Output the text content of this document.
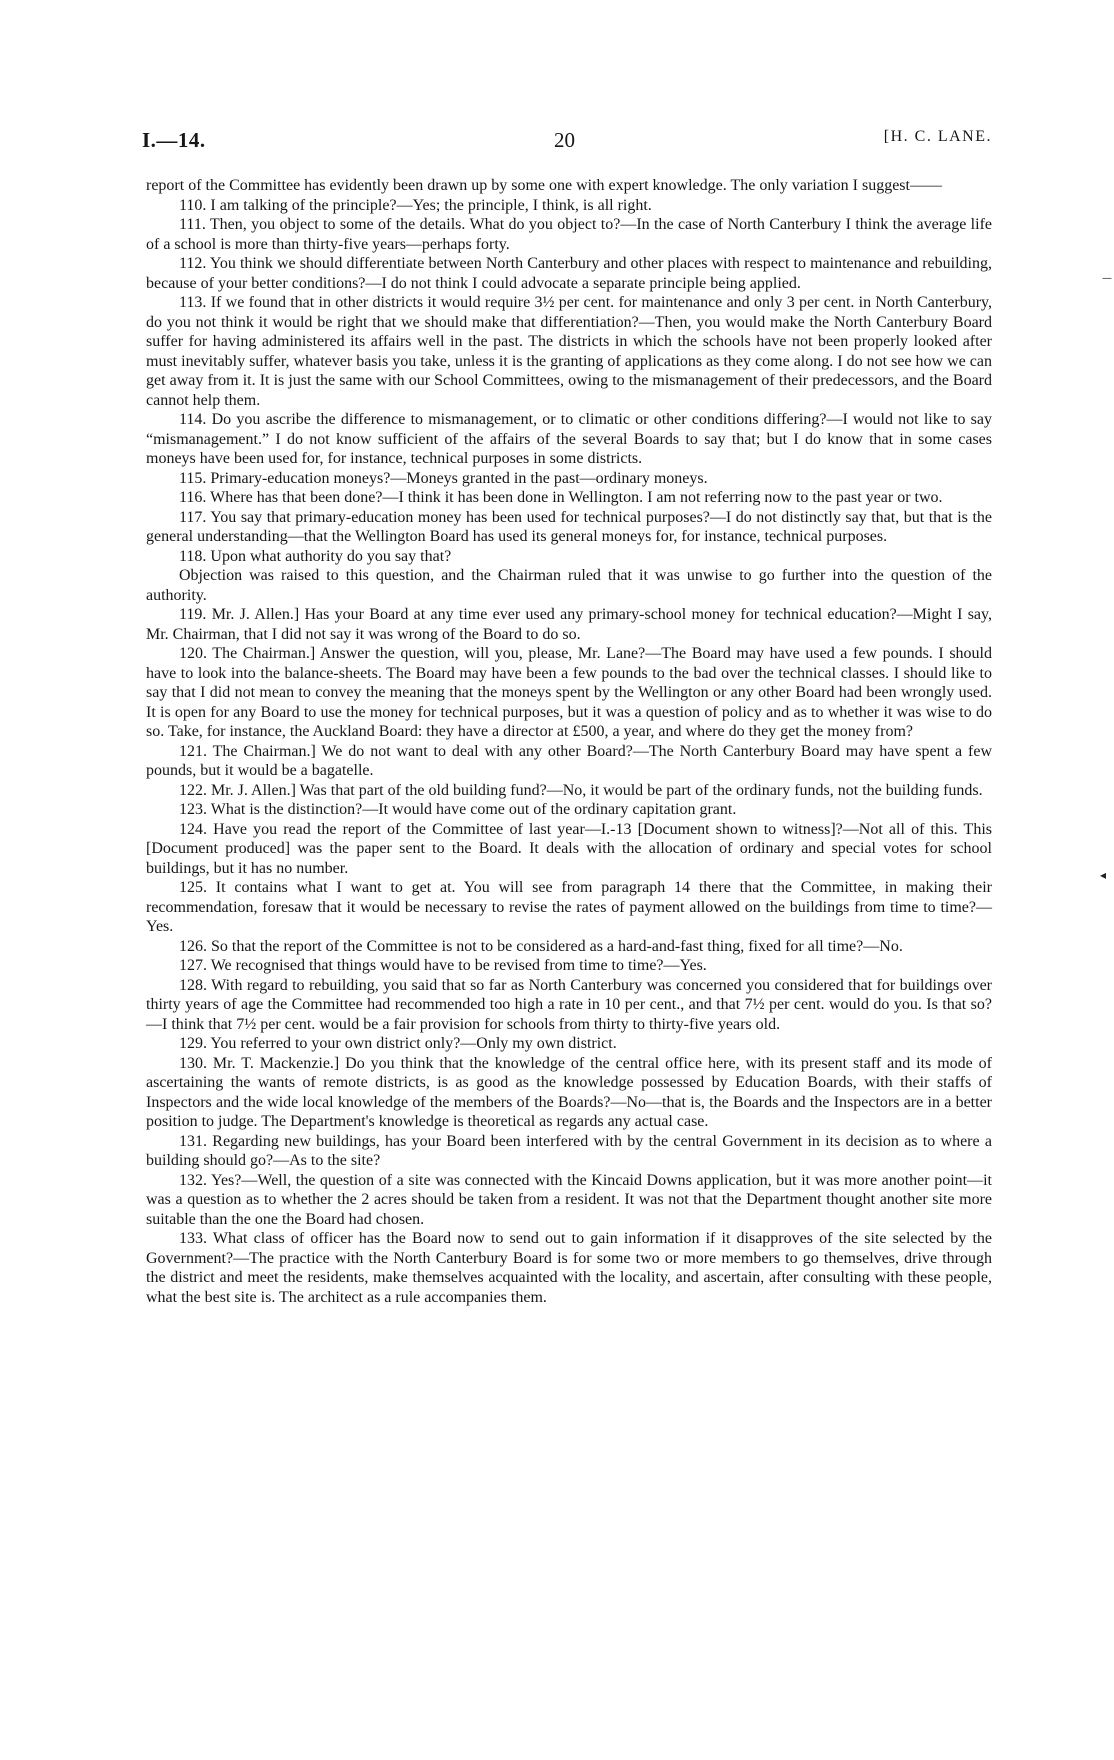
I.—14.	20	[H. C. LANE.

report of the Committee has evidently been drawn up by some one with expert knowledge. The only variation I suggest——

110. I am talking of the principle?—Yes; the principle, I think, is all right.

111. Then, you object to some of the details. What do you object to?—In the case of North Canterbury I think the average life of a school is more than thirty-five years—perhaps forty.

112. You think we should differentiate between North Canterbury and other places with respect to maintenance and rebuilding, because of your better conditions?—I do not think I could advocate a separate principle being applied.

113. If we found that in other districts it would require 3½ per cent. for maintenance and only 3 per cent. in North Canterbury, do you not think it would be right that we should make that differentiation?—Then, you would make the North Canterbury Board suffer for having administered its affairs well in the past. The districts in which the schools have not been properly looked after must inevitably suffer, whatever basis you take, unless it is the granting of applications as they come along. I do not see how we can get away from it. It is just the same with our School Committees, owing to the mismanagement of their predecessors, and the Board cannot help them.

114. Do you ascribe the difference to mismanagement, or to climatic or other conditions differing?—I would not like to say “mismanagement.” I do not know sufficient of the affairs of the several Boards to say that; but I do know that in some cases moneys have been used for, for instance, technical purposes in some districts.

115. Primary-education moneys?—Moneys granted in the past—ordinary moneys.

116. Where has that been done?—I think it has been done in Wellington. I am not referring now to the past year or two.

117. You say that primary-education money has been used for technical purposes?—I do not distinctly say that, but that is the general understanding—that the Wellington Board has used its general moneys for, for instance, technical purposes.

118. Upon what authority do you say that?

Objection was raised to this question, and the Chairman ruled that it was unwise to go further into the question of the authority.

119. Mr. J. Allen.] Has your Board at any time ever used any primary-school money for technical education?—Might I say, Mr. Chairman, that I did not say it was wrong of the Board to do so.

120. The Chairman.] Answer the question, will you, please, Mr. Lane?—The Board may have used a few pounds. I should have to look into the balance-sheets. The Board may have been a few pounds to the bad over the technical classes. I should like to say that I did not mean to convey the meaning that the moneys spent by the Wellington or any other Board had been wrongly used. It is open for any Board to use the money for technical purposes, but it was a question of policy and as to whether it was wise to do so. Take, for instance, the Auckland Board: they have a director at £500, a year, and where do they get the money from?

121. The Chairman.] We do not want to deal with any other Board?—The North Canterbury Board may have spent a few pounds, but it would be a bagatelle.

122. Mr. J. Allen.] Was that part of the old building fund?—No, it would be part of the ordinary funds, not the building funds.

123. What is the distinction?—It would have come out of the ordinary capitation grant.

124. Have you read the report of the Committee of last year—I.-13 [Document shown to witness]?—Not all of this. This [Document produced] was the paper sent to the Board. It deals with the allocation of ordinary and special votes for school buildings, but it has no number.

125. It contains what I want to get at. You will see from paragraph 14 there that the Committee, in making their recommendation, foresaw that it would be necessary to revise the rates of payment allowed on the buildings from time to time?—Yes.

126. So that the report of the Committee is not to be considered as a hard-and-fast thing, fixed for all time?—No.

127. We recognised that things would have to be revised from time to time?—Yes.

128. With regard to rebuilding, you said that so far as North Canterbury was concerned you considered that for buildings over thirty years of age the Committee had recommended too high a rate in 10 per cent., and that 7½ per cent. would do you. Is that so?—I think that 7½ per cent. would be a fair provision for schools from thirty to thirty-five years old.

129. You referred to your own district only?—Only my own district.

130. Mr. T. Mackenzie.] Do you think that the knowledge of the central office here, with its present staff and its mode of ascertaining the wants of remote districts, is as good as the knowledge possessed by Education Boards, with their staffs of Inspectors and the wide local knowledge of the members of the Boards?—No—that is, the Boards and the Inspectors are in a better position to judge. The Department's knowledge is theoretical as regards any actual case.

131. Regarding new buildings, has your Board been interfered with by the central Government in its decision as to where a building should go?—As to the site?

132. Yes?—Well, the question of a site was connected with the Kincaid Downs application, but it was more another point—it was a question as to whether the 2 acres should be taken from a resident. It was not that the Department thought another site more suitable than the one the Board had chosen.

133. What class of officer has the Board now to send out to gain information if it disapproves of the site selected by the Government?—The practice with the North Canterbury Board is for some two or more members to go themselves, drive through the district and meet the residents, make themselves acquainted with the locality, and ascertain, after consulting with these people, what the best site is. The architect as a rule accompanies them.

—
◂
